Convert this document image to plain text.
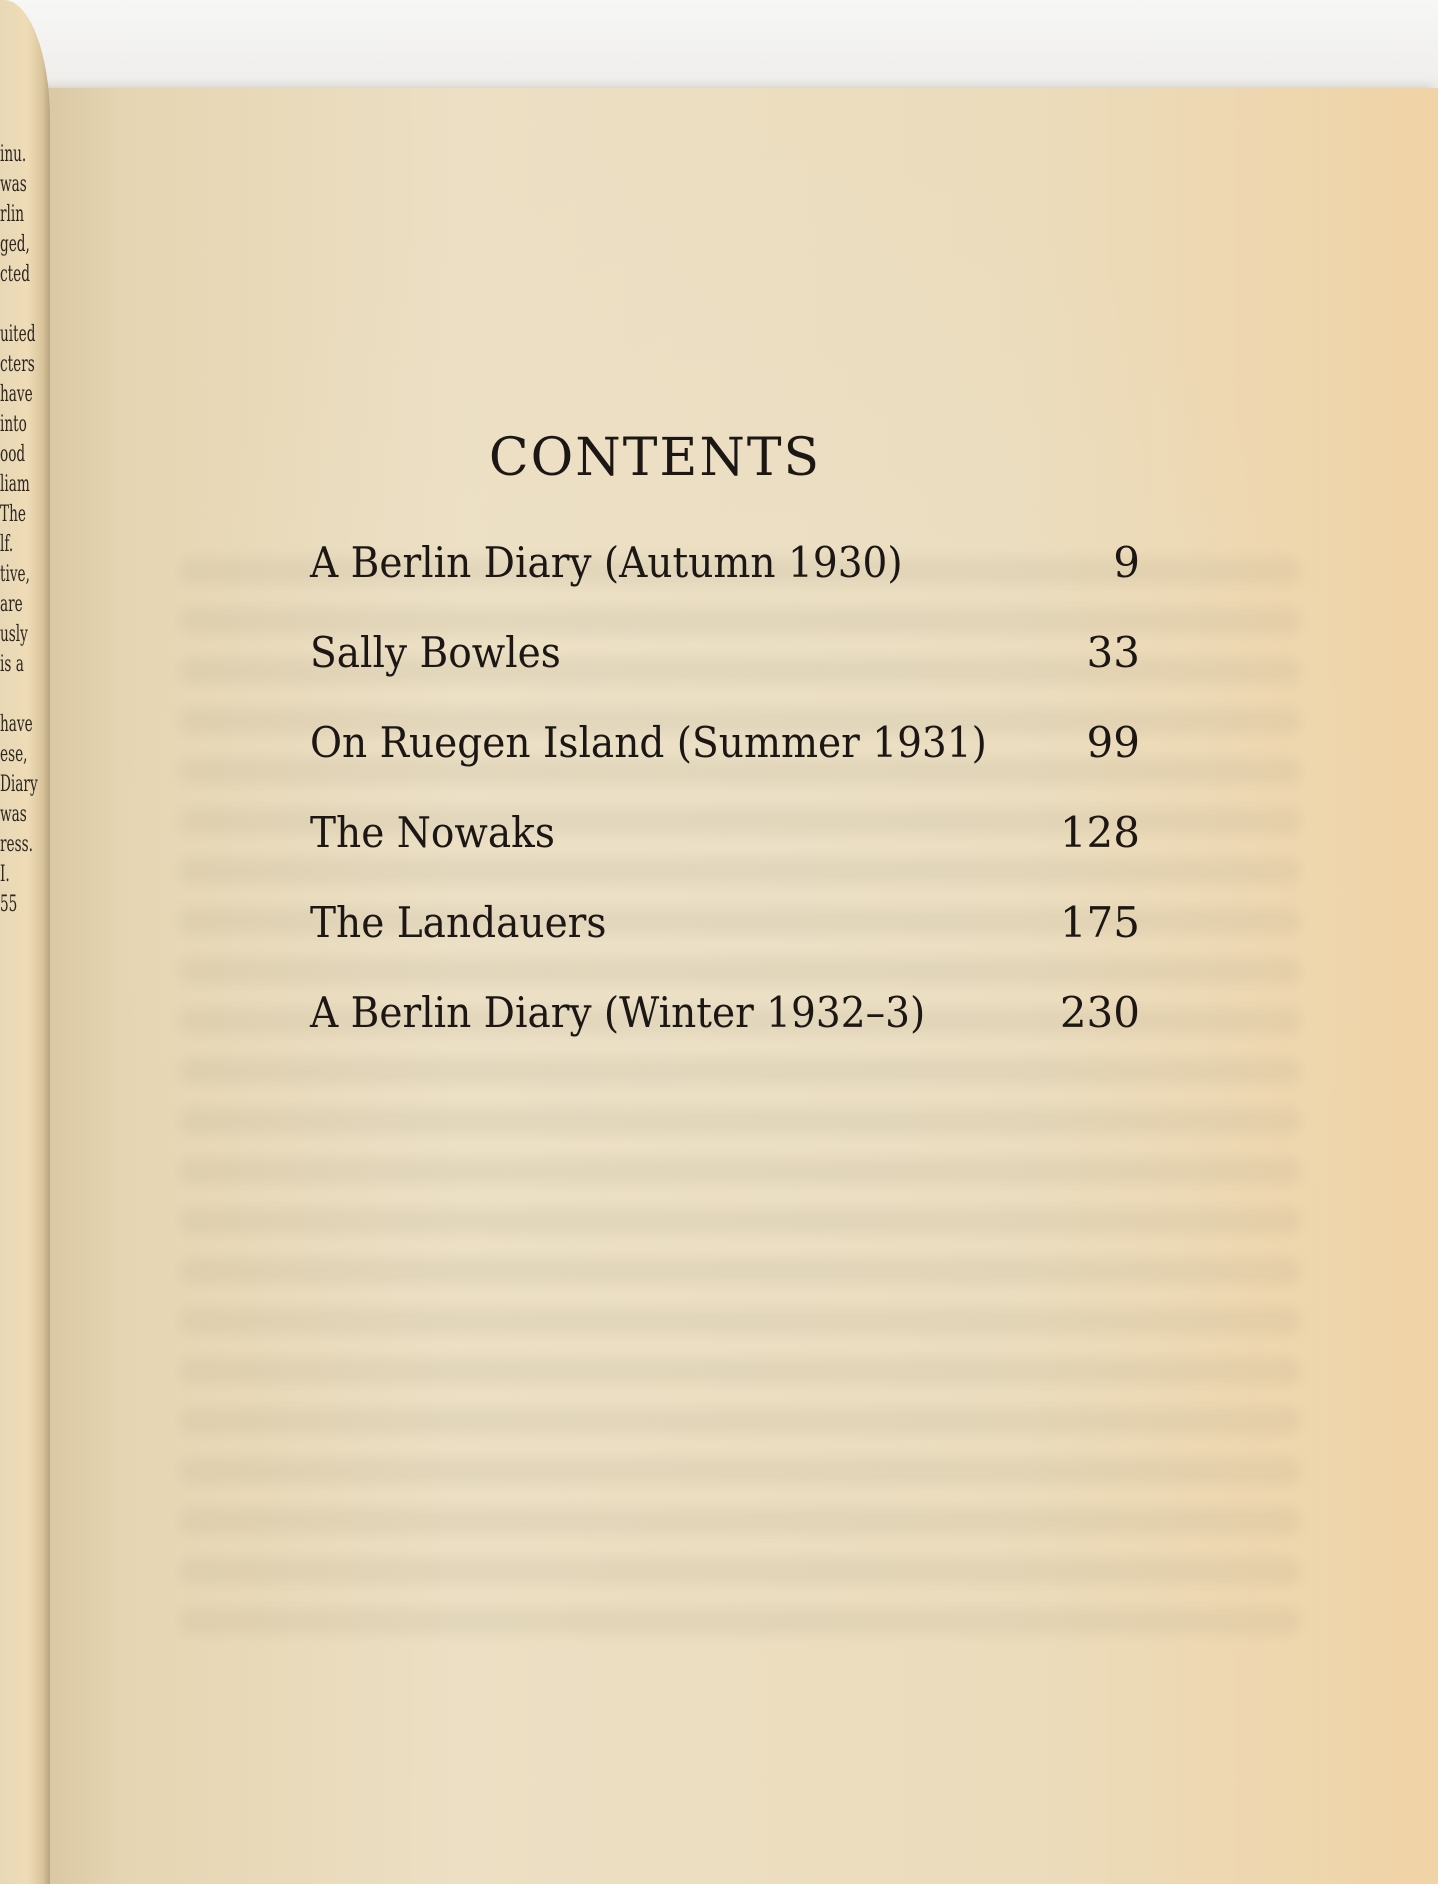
CONTENTS
A Berlin Diary (Autumn 1930)	9
Sally Bowles	33
On Ruegen Island (Summer 1931) 99
The Nowaks	128
The Landauers	175
A Berlin Diary (Winter 1932–3)	230
inu.
was
rlin
ged,
cted

uited
cters
have
into
ood
liam
The
lf.
tive,
are
usly
is a

have
ese,
Diary
was
ress.
I.
55
